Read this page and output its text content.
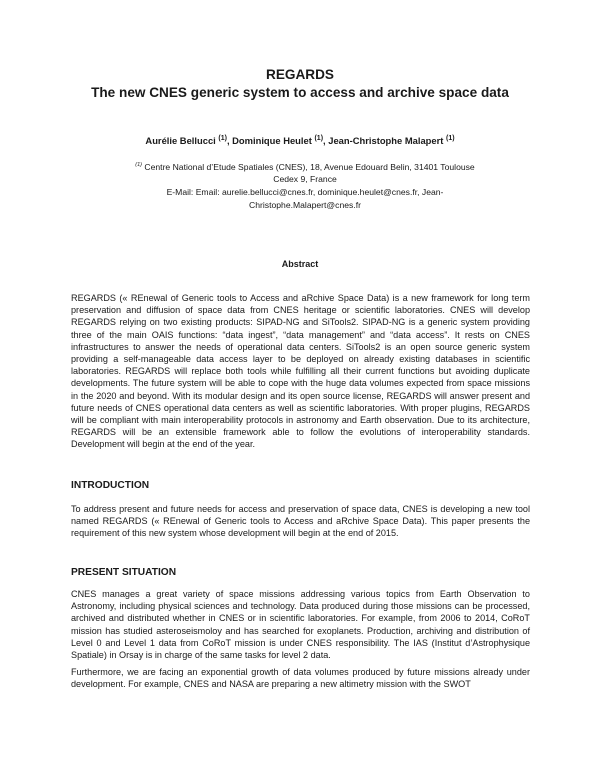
REGARDS
The new CNES generic system to access and archive space data
Aurélie Bellucci $^{(1)}$, Dominique Heulet $^{(1)}$, Jean-Christophe Malapert $^{(1)}$
$^{(1)}$ Centre National d’Etude Spatiales (CNES), 18, Avenue Edouard Belin, 31401 Toulouse Cedex 9, France
E-Mail: Email: aurelie.bellucci@cnes.fr, dominique.heulet@cnes.fr, Jean-Christophe.Malapert@cnes.fr
Abstract

REGARDS (« REnewal of Generic tools to Access and aRchive Space Data) is a new framework for long term preservation and diffusion of space data from CNES heritage or scientific laboratories. CNES will develop REGARDS relying on two existing products: SIPAD-NG and SiTools2. SIPAD-NG is a generic system providing three of the main OAIS functions: “data ingest”, “data management” and “data access”. It rests on CNES infrastructures to answer the needs of operational data centers. SiTools2 is an open source generic system providing a self-manageable data access layer to be deployed on already existing databases in scientific laboratories. REGARDS will replace both tools while fulfilling all their current functions but avoiding duplicate developments. The future system will be able to cope with the huge data volumes expected from space missions in the 2020 and beyond. With its modular design and its open source license, REGARDS will answer present and future needs of CNES operational data centers as well as scientific laboratories. With proper plugins, REGARDS will be compliant with main interoperability protocols in astronomy and Earth observation. Due to its architecture, REGARDS will be an extensible framework able to follow the evolutions of interoperability standards. Development will begin at the end of the year.

INTRODUCTION

To address present and future needs for access and preservation of space data, CNES is developing a new tool named REGARDS (« REnewal of Generic tools to Access and aRchive Space Data). This paper presents the requirement of this new system whose development will begin at the end of 2015.

PRESENT SITUATION

CNES manages a great variety of space missions addressing various topics from Earth Observation to Astronomy, including physical sciences and technology. Data produced during those missions can be processed, archived and distributed whether in CNES or in scientific laboratories. For example, from 2006 to 2014, CoRoT mission has studied asteroseismoloy and has searched for exoplanets. Production, archiving and distribution of Level 0 and Level 1 data from CoRoT mission is under CNES responsibility. The IAS (Institut d’Astrophysique Spatiale) in Orsay is in charge of the same tasks for level 2 data.

Furthermore, we are facing an exponential growth of data volumes produced by future missions already under development. For example, CNES and NASA are preparing a new altimetry mission with the SWOT
